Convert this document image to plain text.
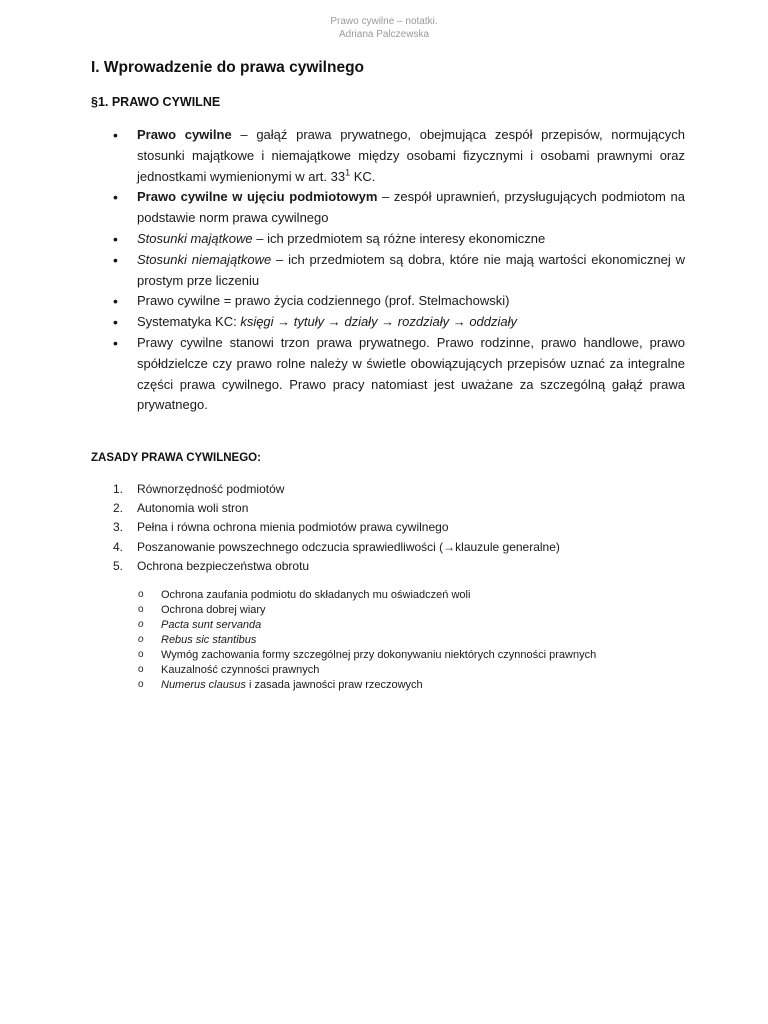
Prawo cywilne – notatki.
Adriana Palczewska
I. Wprowadzenie do prawa cywilnego
§1. PRAWO CYWILNE

• Prawo cywilne – gałąź prawa prywatnego, obejmująca zespół przepisów, normujących stosunki majątkowe i niemajątkowe między osobami fizycznymi i osobami prawnymi oraz jednostkami wymienionymi w art. $33^1$ KC.

• Prawo cywilne w ujęciu podmiotowym – zespół uprawnień, przysługujących podmiotom na podstawie norm prawa cywilnego

• Stosunki majątkowe – ich przedmiotem są różne interesy ekonomiczne

• Stosunki niemajątkowe – ich przedmiotem są dobra, które nie mają wartości ekonomicznej w prostym prze liczeniu

• Prawo cywilne = prawo życia codziennego (prof. Stelmachowski)

• Systematyka KC: księgi → tytuły → działy → rozdziały → oddziały

• Prawy cywilne stanowi trzon prawa prywatnego. Prawo rodzinne, prawo handlowe, prawo spółdzielcze czy prawo rolne należy w świetle obowiązujących przepisów uznać za integralne części prawa cywilnego. Prawo pracy natomiast jest uważane za szczególną gałąź prawa prywatnego.

ZASADY PRAWA CYWILNEGO:
1. Równorzędność podmiotów
2. Autonomia woli stron
3. Pełna i równa ochrona mienia podmiotów prawa cywilnego
4. Poszanowanie powszechnego odczucia sprawiedliwości (→klauzule generalne)
5. Ochrona bezpieczeństwa obrotu
o Ochrona zaufania podmiotu do składanych mu oświadczeń woli
o Ochrona dobrej wiary
o Pacta sunt servanda
o Rebus sic stantibus
o Wymóg zachowania formy szczególnej przy dokonywaniu niektórych czynności prawnych
o Kauzalność czynności prawnych
o Numerus clausus i zasada jawności praw rzeczowych
